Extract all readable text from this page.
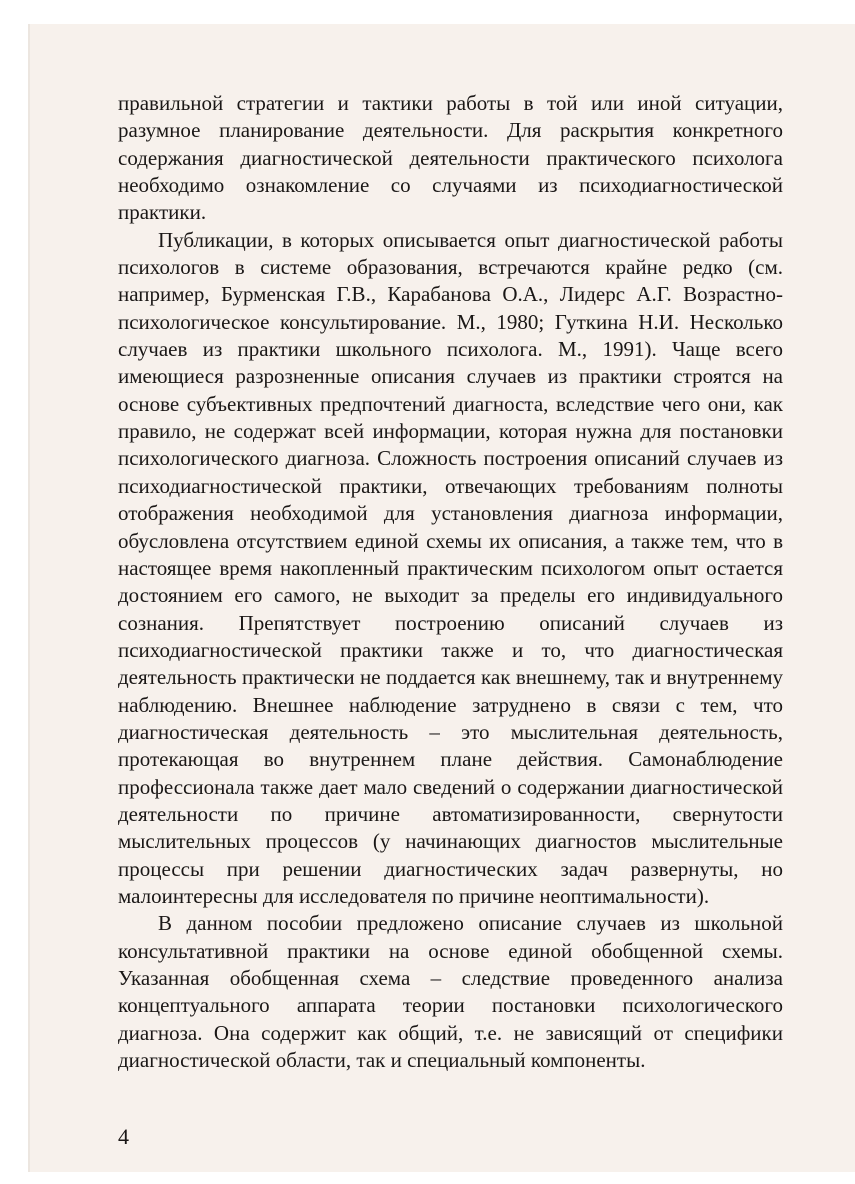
правильной стратегии и тактики работы в той или иной ситуации, разумное планирование деятельности. Для раскрытия конкретного содержания диагностической деятельности практического психолога необходимо ознакомление со случаями из психодиагностической практики.

Публикации, в которых описывается опыт диагностической работы психологов в системе образования, встречаются крайне редко (см. например, Бурменская Г.В., Карабанова О.А., Лидерс А.Г. Возрастно-психологическое консультирование. М., 1980; Гуткина Н.И. Несколько случаев из практики школьного психолога. М., 1991). Чаще всего имеющиеся разрозненные описания случаев из практики строятся на основе субъективных предпочтений диагноста, вследствие чего они, как правило, не содержат всей информации, которая нужна для постановки психологического диагноза. Сложность построения описаний случаев из психодиагностической практики, отвечающих требованиям полноты отображения необходимой для установления диагноза информации, обусловлена отсутствием единой схемы их описания, а также тем, что в настоящее время накопленный практическим психологом опыт остается достоянием его самого, не выходит за пределы его индивидуального сознания. Препятствует построению описаний случаев из психодиагностической практики также и то, что диагностическая деятельность практически не поддается как внешнему, так и внутреннему наблюдению. Внешнее наблюдение затруднено в связи с тем, что диагностическая деятельность – это мыслительная деятельность, протекающая во внутреннем плане действия. Самонаблюдение профессионала также дает мало сведений о содержании диагностической деятельности по причине автоматизированности, свернутости мыслительных процессов (у начинающих диагностов мыслительные процессы при решении диагностических задач развернуты, но малоинтересны для исследователя по причине неоптимальности).

В данном пособии предложено описание случаев из школьной консультативной практики на основе единой обобщенной схемы. Указанная обобщенная схема – следствие проведенного анализа концептуального аппарата теории постановки психологического диагноза. Она содержит как общий, т.е. не зависящий от специфики диагностической области, так и специальный компоненты.

4
